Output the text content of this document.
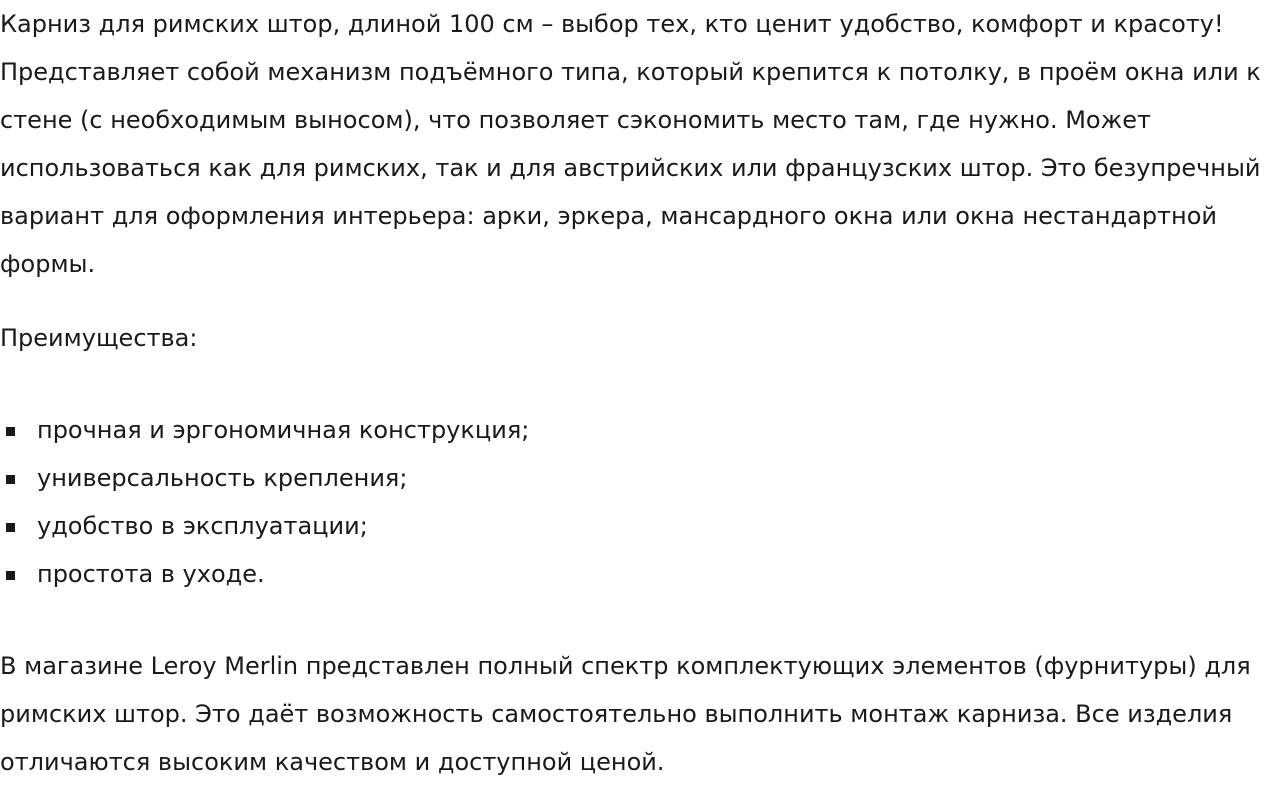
Карниз для римских штор, длиной 100 см – выбор тех, кто ценит удобство, комфорт и красоту! Представляет собой механизм подъёмного типа, который крепится к потолку, в проём окна или к стене (с необходимым выносом), что позволяет сэкономить место там, где нужно. Может использоваться как для римских, так и для австрийских или французских штор. Это безупречный вариант для оформления интерьера: арки, эркера, мансардного окна или окна нестандартной формы.

Преимущества:

прочная и эргономичная конструкция;
универсальность крепления;
удобство в эксплуатации;
простота в уходе.

В магазине Leroy Merlin представлен полный спектр комплектующих элементов (фурнитуры) для римских штор. Это даёт возможность самостоятельно выполнить монтаж карниза. Все изделия отличаются высоким качеством и доступной ценой.
